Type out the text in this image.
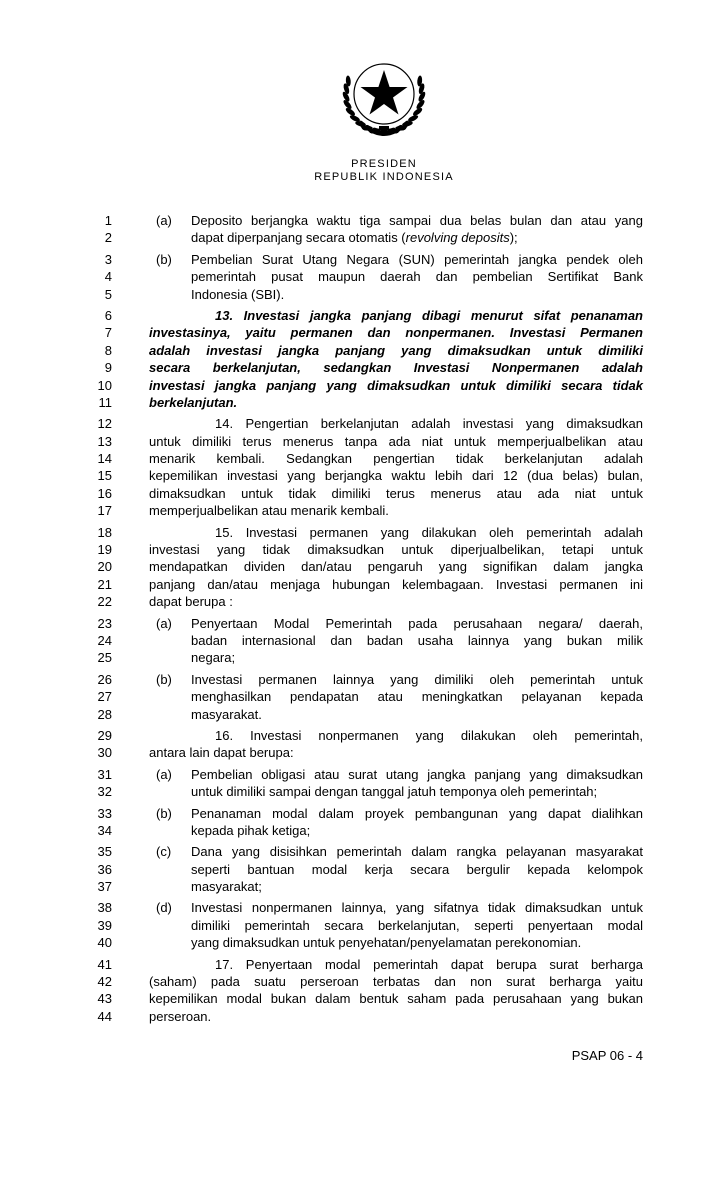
PRESIDEN
REPUBLIK INDONESIA
1	(a) Deposito berjangka waktu tiga sampai dua belas bulan dan atau yang
2	dapat diperpanjang secara otomatis (revolving deposits);
3	(b) Pembelian Surat Utang Negara (SUN) pemerintah jangka pendek oleh
4	pemerintah pusat maupun daerah dan pembelian Sertifikat Bank
5	Indonesia (SBI).
6	13. Investasi jangka panjang dibagi menurut sifat penanaman
7	investasinya, yaitu permanen dan nonpermanen. Investasi Permanen
8	adalah investasi jangka panjang yang dimaksudkan untuk dimiliki
9	secara berkelanjutan, sedangkan Investasi Nonpermanen adalah
10	investasi jangka panjang yang dimaksudkan untuk dimiliki secara tidak
11	berkelanjutan.
12	14. Pengertian berkelanjutan adalah investasi yang dimaksudkan
13	untuk dimiliki terus menerus tanpa ada niat untuk memperjualbelikan atau
14	menarik kembali. Sedangkan pengertian tidak berkelanjutan adalah
15	kepemilikan investasi yang berjangka waktu lebih dari 12 (dua belas) bulan,
16	dimaksudkan untuk tidak dimiliki terus menerus atau ada niat untuk
17	memperjualbelikan atau menarik kembali.
18	15. Investasi permanen yang dilakukan oleh pemerintah adalah
19	investasi yang tidak dimaksudkan untuk diperjualbelikan, tetapi untuk
20	mendapatkan dividen dan/atau pengaruh yang signifikan dalam jangka
21	panjang dan/atau menjaga hubungan kelembagaan. Investasi permanen ini
22	dapat berupa :
23	(a) Penyertaan Modal Pemerintah pada perusahaan negara/ daerah,
24	badan internasional dan badan usaha lainnya yang bukan milik
25	negara;
26	(b) Investasi permanen lainnya yang dimiliki oleh pemerintah untuk
27	menghasilkan pendapatan atau meningkatkan pelayanan kepada
28	masyarakat.
29	16. Investasi nonpermanen yang dilakukan oleh pemerintah,
30	antara lain dapat berupa:
31	(a) Pembelian obligasi atau surat utang jangka panjang yang dimaksudkan
32	untuk dimiliki sampai dengan tanggal jatuh temponya oleh pemerintah;
33	(b) Penanaman modal dalam proyek pembangunan yang dapat dialihkan
34	kepada pihak ketiga;
35	(c) Dana yang disisihkan pemerintah dalam rangka pelayanan masyarakat
36	seperti bantuan modal kerja secara bergulir kepada kelompok
37	masyarakat;
38	(d) Investasi nonpermanen lainnya, yang sifatnya tidak dimaksudkan untuk
39	dimiliki pemerintah secara berkelanjutan, seperti penyertaan modal
40	yang dimaksudkan untuk penyehatan/penyelamatan perekonomian.
41	17. Penyertaan modal pemerintah dapat berupa surat berharga
42	(saham) pada suatu perseroan terbatas dan non surat berharga yaitu
43	kepemilikan modal bukan dalam bentuk saham pada perusahaan yang bukan
44	perseroan.
PSAP 06 - 4
